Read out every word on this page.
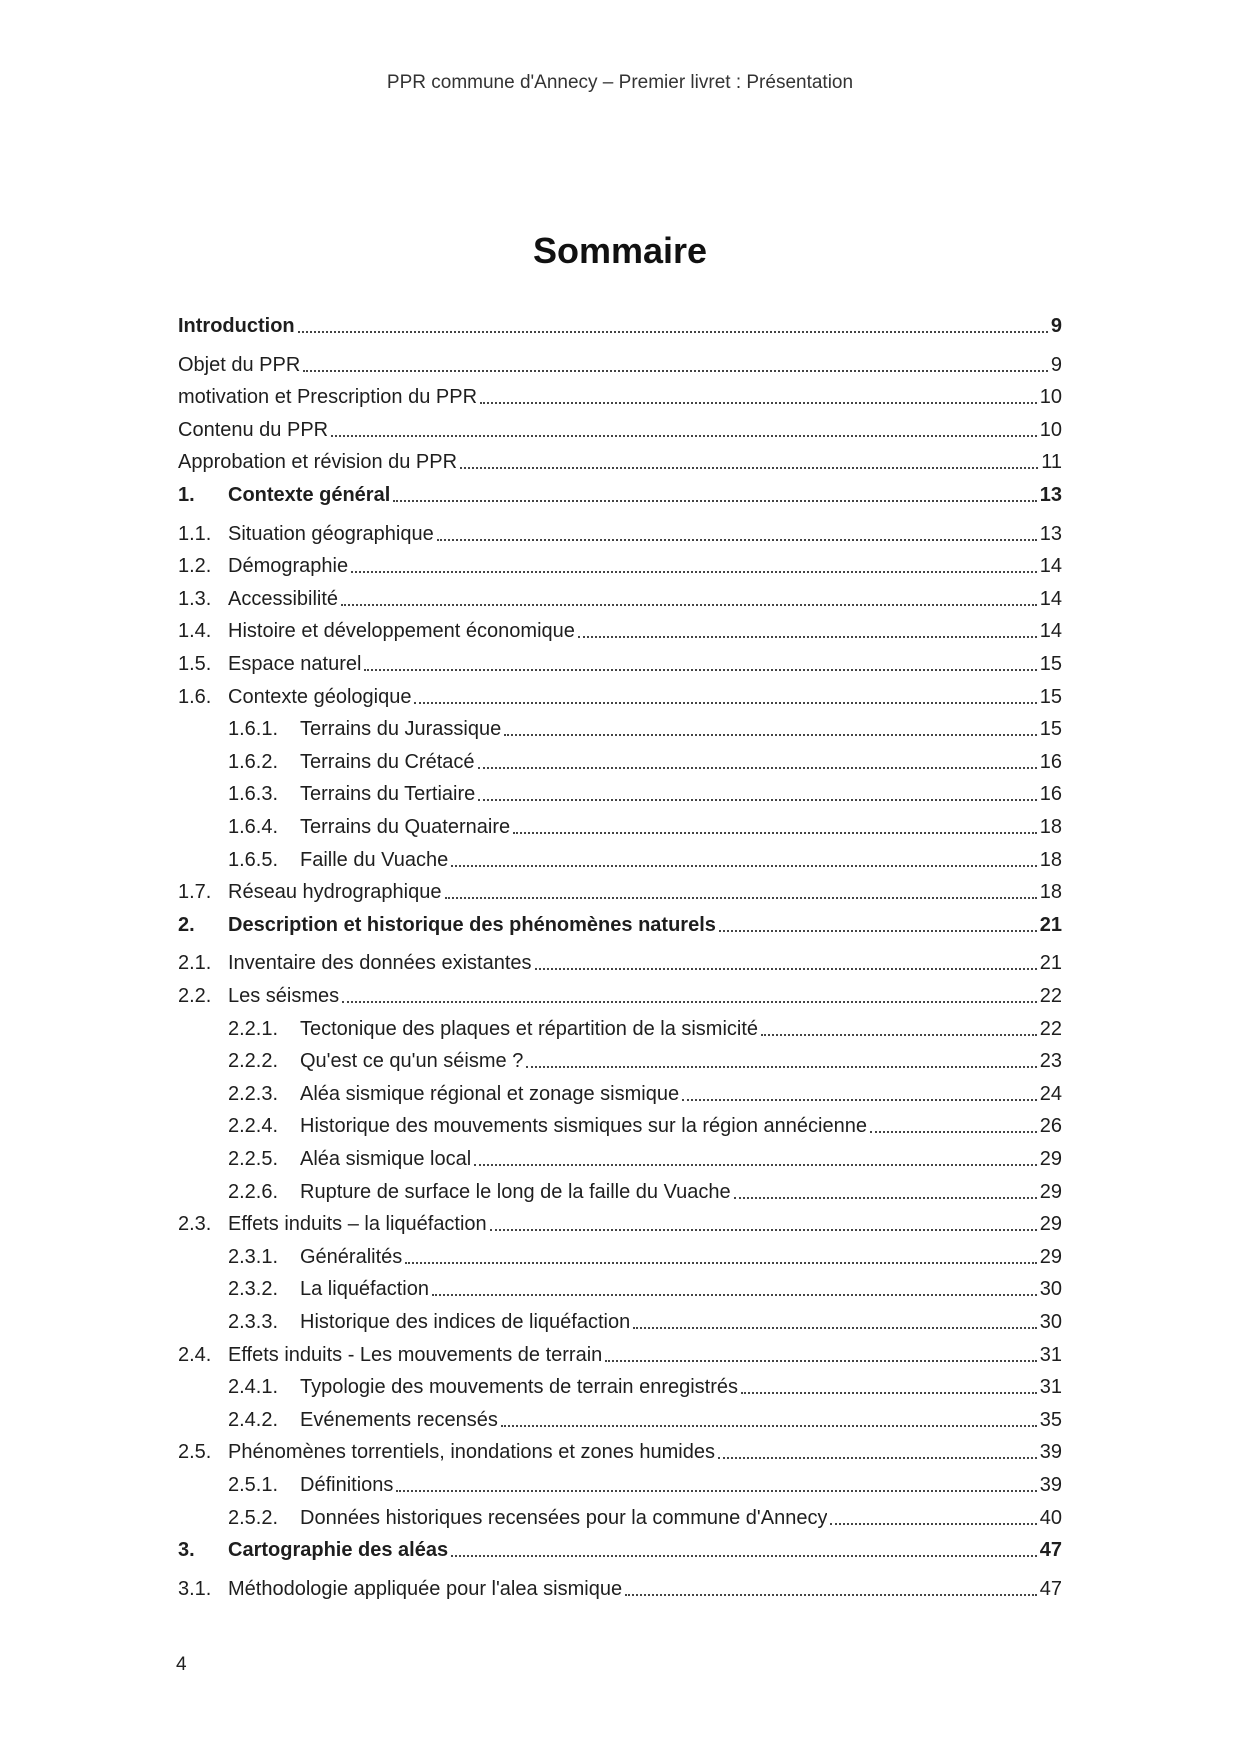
PPR commune d'Annecy – Premier livret : Présentation
Sommaire
Introduction	9
Objet du PPR	9
motivation et Prescription du PPR	10
Contenu du PPR	10
Approbation et révision du PPR	11
1.	Contexte général	13
1.1. Situation géographique	13
1.2. Démographie	14
1.3. Accessibilité	14
1.4. Histoire et développement économique	14
1.5. Espace naturel	15
1.6. Contexte géologique	15
1.6.1.	Terrains du Jurassique	15
1.6.2.	Terrains du Crétacé	16
1.6.3.	Terrains du Tertiaire	16
1.6.4.	Terrains du Quaternaire	18
1.6.5.	Faille du Vuache	18
1.7. Réseau hydrographique	18
2.	Description et historique des phénomènes naturels	21
2.1. Inventaire des données existantes	21
2.2. Les séismes	22
2.2.1.	Tectonique des plaques et répartition de la sismicité	22
2.2.2.	Qu'est ce qu'un séisme ?	23
2.2.3.	Aléa sismique régional et zonage sismique	24
2.2.4.	Historique des mouvements sismiques sur la région annécienne	26
2.2.5.	Aléa sismique local	29
2.2.6.	Rupture de surface le long de la faille du Vuache	29
2.3. Effets induits – la liquéfaction	29
2.3.1.	Généralités	29
2.3.2.	La liquéfaction	30
2.3.3.	Historique des indices de liquéfaction	30
2.4. Effets induits - Les mouvements de terrain	31
2.4.1.	Typologie des mouvements de terrain enregistrés	31
2.4.2.	Evénements recensés	35
2.5. Phénomènes torrentiels, inondations et zones humides	39
2.5.1.	Définitions	39
2.5.2.	Données historiques recensées pour la commune d'Annecy	40
3.	Cartographie des aléas	47
3.1. Méthodologie appliquée pour l'alea sismique	47
4
